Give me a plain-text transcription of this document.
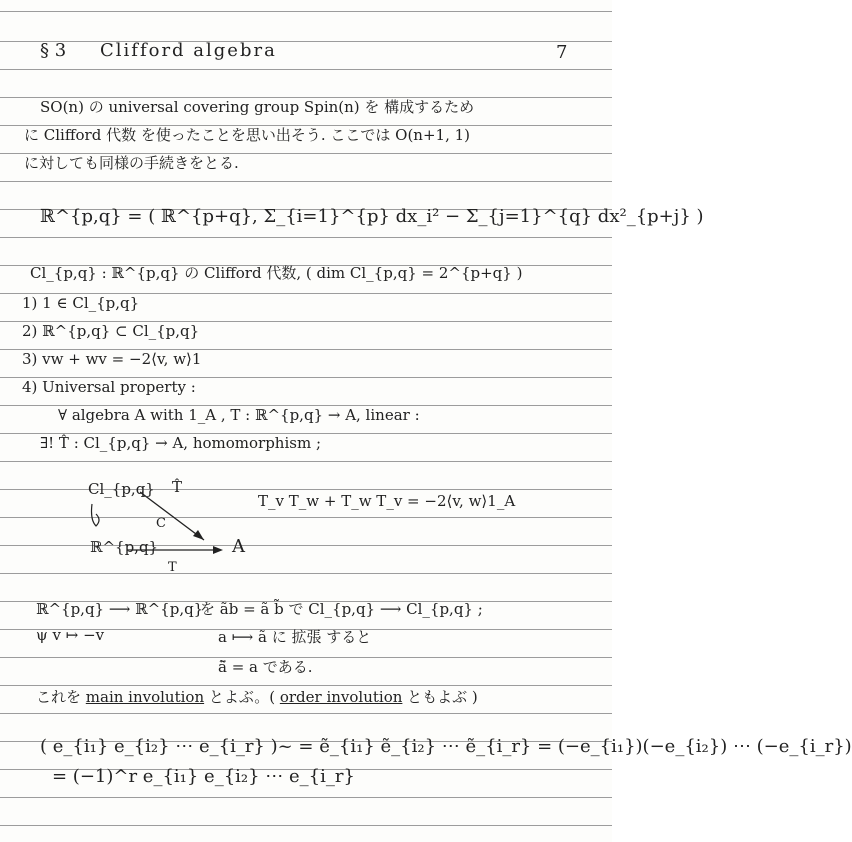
§ 3 Clifford algebra	7
SO(n) の universal covering group Spin(n) を 構成するため
に Clifford 代数 を使ったことを思い出そう. ここでは O(n+1, 1)
に対しても同様の手続きをとる.
ℝ^{p,q} = ( ℝ^{p+q}, Σ_{i=1}^{p} dx_i² − Σ_{j=1}^{q} dx²_{p+j} )
Cl_{p,q} : ℝ^{p,q} の Clifford 代数, ( dim Cl_{p,q} = 2^{p+q} )
1) 1 ∈ Cl_{p,q}
2) ℝ^{p,q} ⊂ Cl_{p,q}
3) vw + wv = −2⟨v, w⟩1
4) Universal property :
∀ algebra A with 1_A , T : ℝ^{p,q} → A, linear :
∃! T̂ : Cl_{p,q} → A, homomorphism ;
Cl_{p,q} T̂
C
ℝ^{p,q}	A
T
T_v T_w + T_w T_v = −2⟨v, w⟩1_A
ℝ^{p,q} ⟶ ℝ^{p,q}
ψ v ↦ −v
を ãb = ã b̃ で Cl_{p,q} ⟶ Cl_{p,q} ;
a ⟼ ã に 拡張 すると
ã̃ = a である.
これを main involution とよぶ。( order involution ともよぶ )
( e_{i₁} e_{i₂} ⋯ e_{i_r} )~ = ẽ_{i₁} ẽ_{i₂} ⋯ ẽ_{i_r} = (−e_{i₁})(−e_{i₂}) ⋯ (−e_{i_r})
= (−1)^r e_{i₁} e_{i₂} ⋯ e_{i_r}
